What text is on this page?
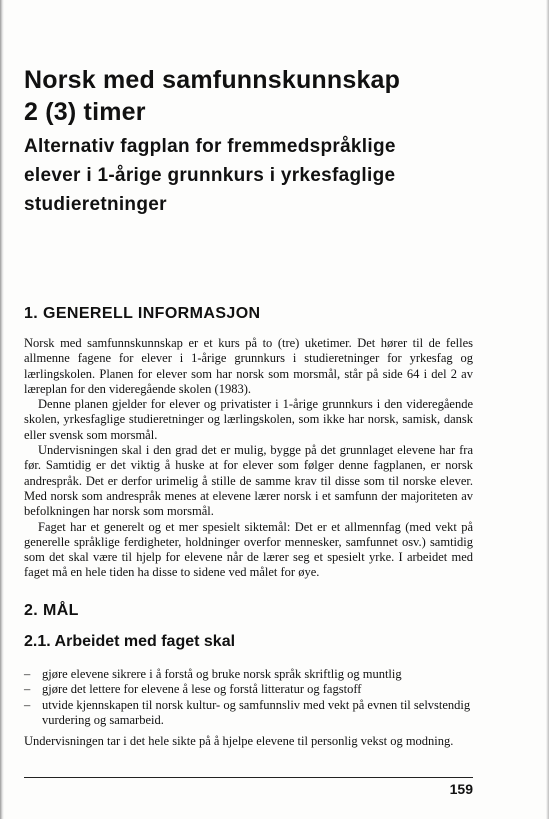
Norsk med samfunnskunnskap
2 (3) timer
Alternativ fagplan for fremmedspråklige
elever i 1-årige grunnkurs i yrkesfaglige
studieretninger
1. GENERELL INFORMASJON

Norsk med samfunnskunnskap er et kurs på to (tre) uketimer. Det hører til de felles allmenne fagene for elever i 1-årige grunnkurs i studieretninger for yrkesfag og lærlingskolen. Planen for elever som har norsk som morsmål, står på side 64 i del 2 av læreplan for den videregående skolen (1983).

Denne planen gjelder for elever og privatister i 1-årige grunnkurs i den videregående skolen, yrkesfaglige studieretninger og lærlingskolen, som ikke har norsk, samisk, dansk eller svensk som morsmål.

Undervisningen skal i den grad det er mulig, bygge på det grunnlaget elevene har fra før. Samtidig er det viktig å huske at for elever som følger denne fagplanen, er norsk andrespråk. Det er derfor urimelig å stille de samme krav til disse som til norske elever. Med norsk som andrespråk menes at elevene lærer norsk i et samfunn der majoriteten av befolkningen har norsk som morsmål.

Faget har et generelt og et mer spesielt siktemål: Det er et allmennfag (med vekt på generelle språklige ferdigheter, holdninger overfor mennesker, samfunnet osv.) samtidig som det skal være til hjelp for elevene når de lærer seg et spesielt yrke. I arbeidet med faget må en hele tiden ha disse to sidene ved målet for øye.

2. MÅL
2.1. Arbeidet med faget skal
– gjøre elevene sikrere i å forstå og bruke norsk språk skriftlig og muntlig
– gjøre det lettere for elevene å lese og forstå litteratur og fagstoff
– utvide kjennskapen til norsk kultur- og samfunnsliv med vekt på evnen til selvstendig vurdering og samarbeid.

Undervisningen tar i det hele sikte på å hjelpe elevene til personlig vekst og modning.

159
